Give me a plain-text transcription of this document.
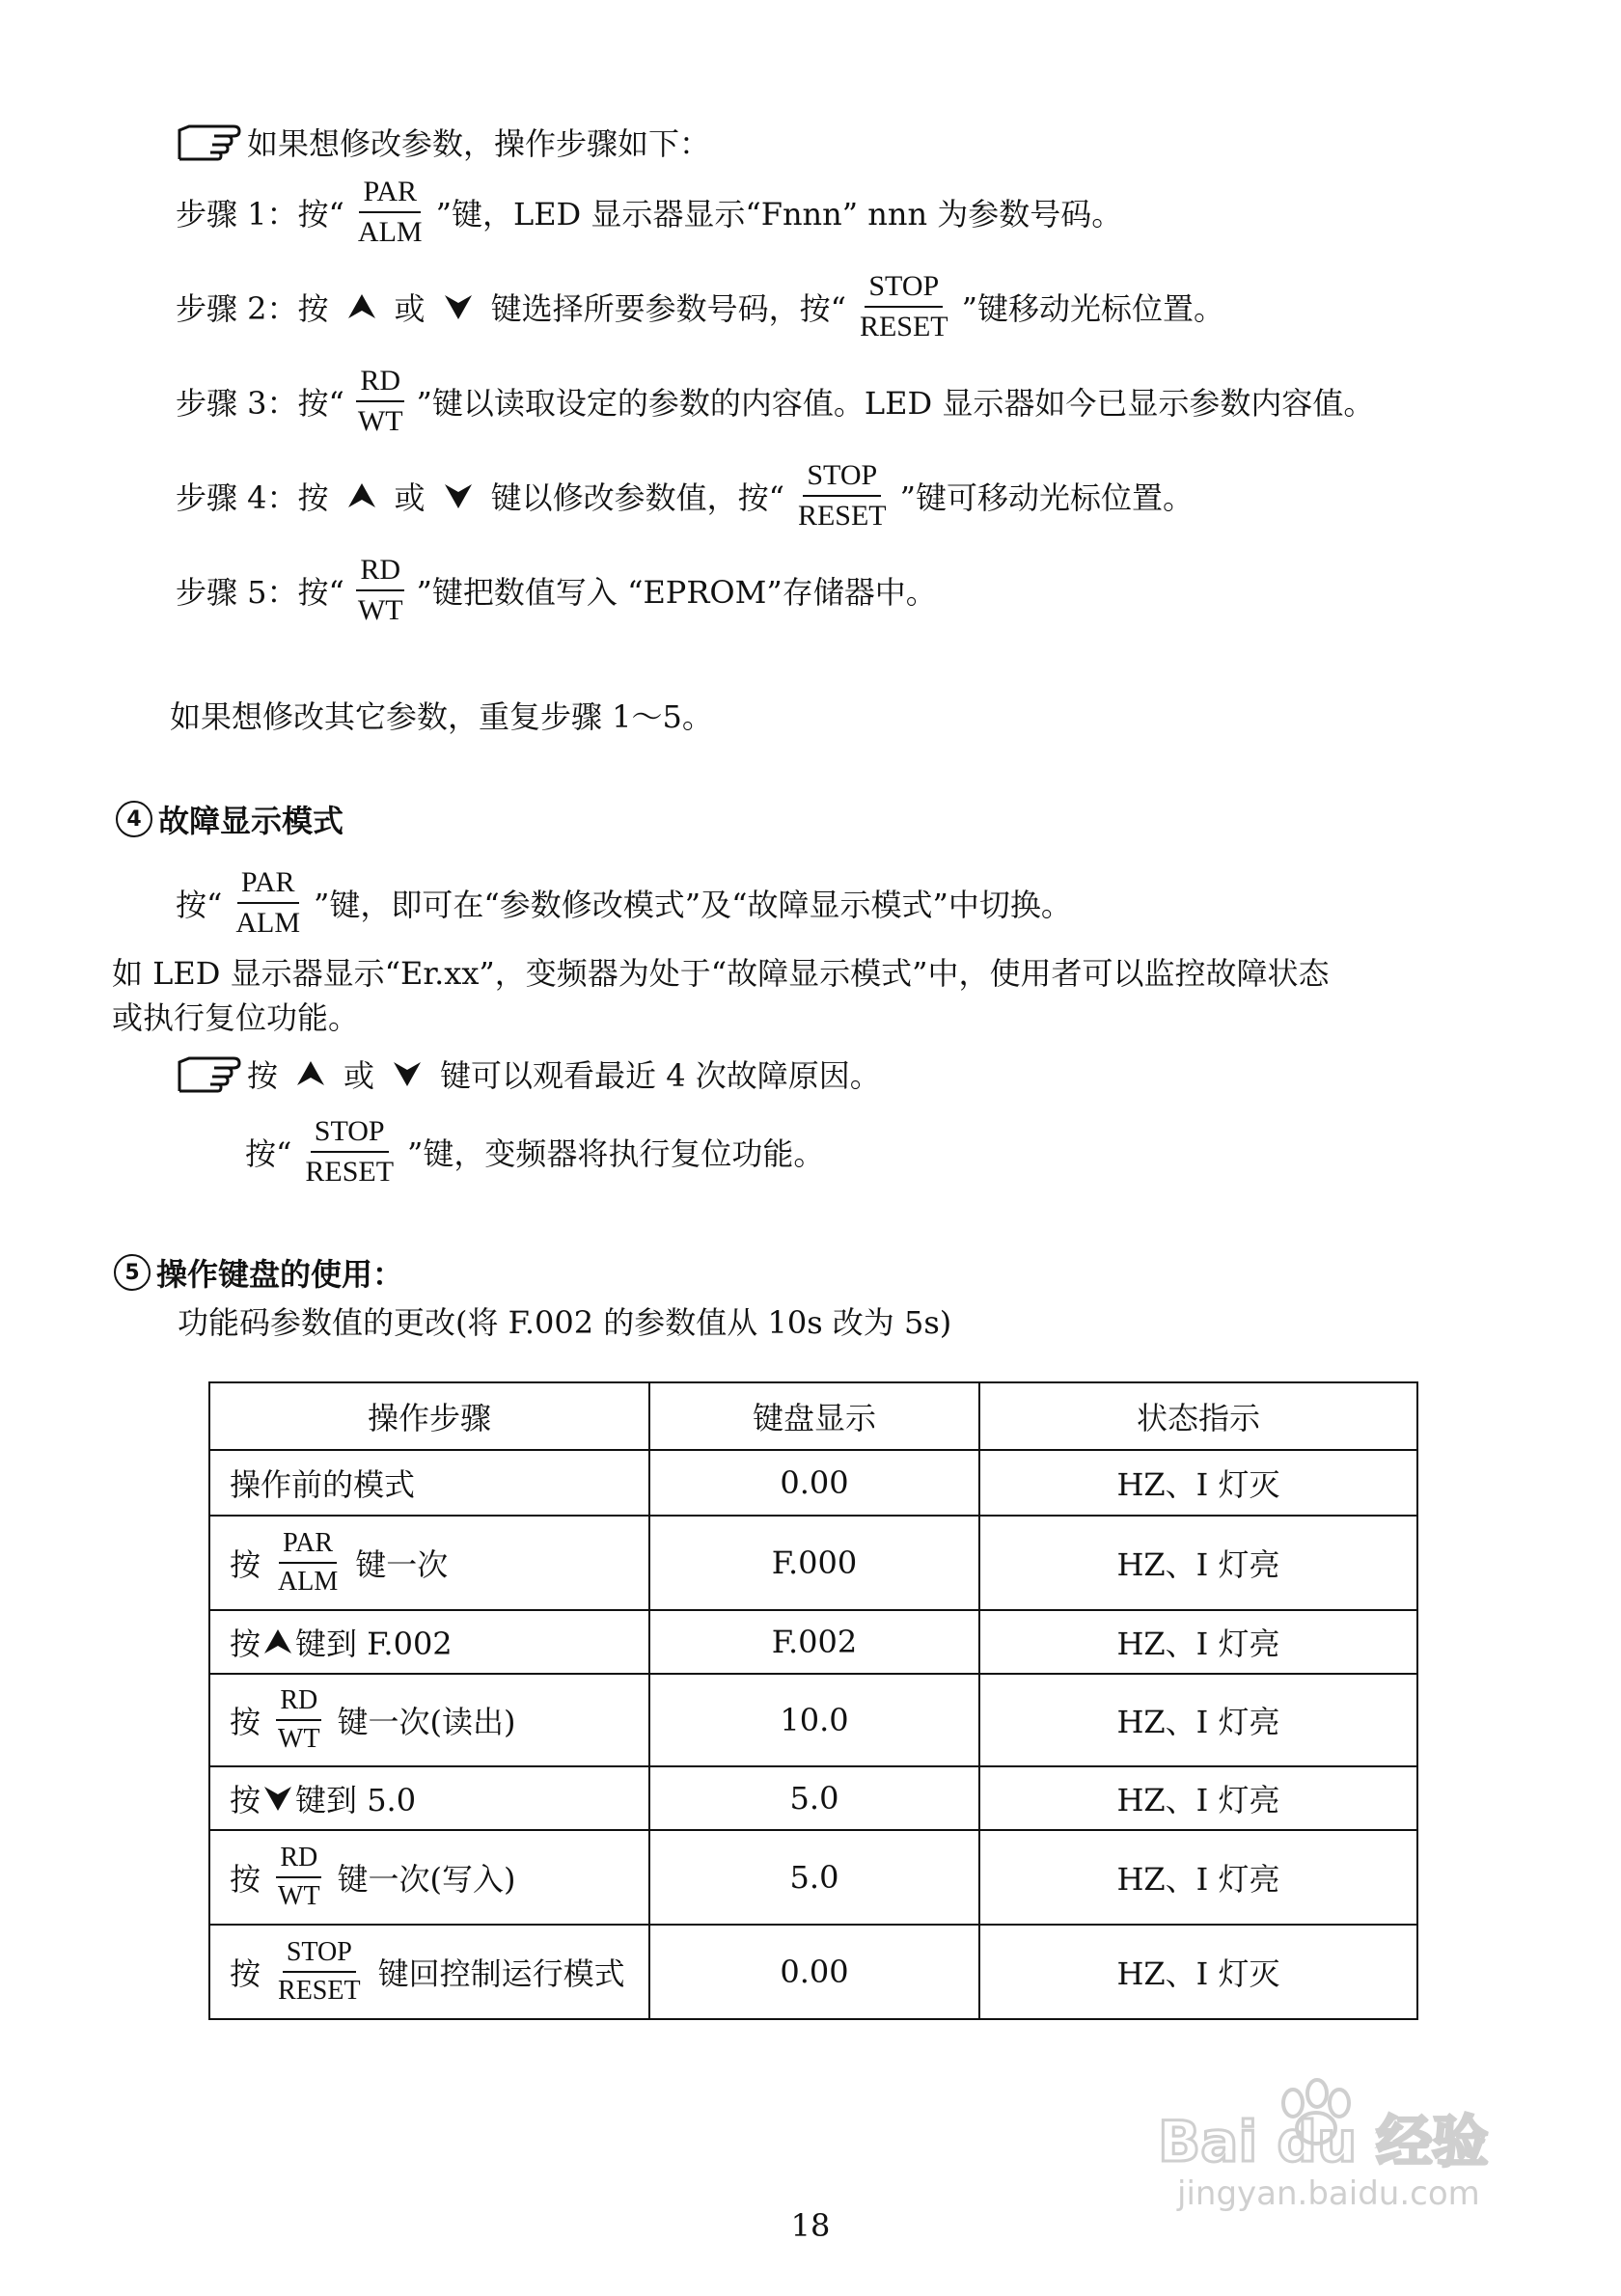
如果想修改参数，操作步骤如下：
步骤 1：按“ $\frac{\text{PAR}}{\text{ALM}}$ ”键，LED 显示器显示“Fnnn” nnn 为参数号码。
步骤 2：按 或 键选择所要参数号码，按“ $\frac{\text{STOP}}{\text{RESET}}$ ”键移动光标位置。
步骤 3：按“ $\frac{RD}{WT}$ ”键以读取设定的参数的内容值。LED 显示器如今已显示参数内容值。
步骤 4：按 或 键以修改参数值，按“ $\frac{\text{STOP}}{\text{RESET}}$ ”键可移动光标位置。
步骤 5：按“ $\frac{RD}{WT}$ ”键把数值写入 “EPROM”存储器中。
如果想修改其它参数，重复步骤 1～5。
4 故障显示模式
按“ $\frac{\text{PAR}}{\text{ALM}}$ ”键，即可在“参数修改模式”及“故障显示模式”中切换。
如 LED 显示器显示“Er.xx”，变频器为处于“故障显示模式”中，使用者可以监控故障状态
或执行复位功能。
按 或 键可以观看最近 4 次故障原因。
按“ $\frac{\text{STOP}}{\text{RESET}}$ ”键，变频器将执行复位功能。
5 操作键盘的使用：
功能码参数值的更改(将 F.002 的参数值从 10s 改为 5s)
操作步骤	键盘显示	状态指示

操作前的模式	0.00	HZ、I 灯灭

按 $\frac{\text{PAR}}{\text{ALM}}$ 键一次	F.000	HZ、I 灯亮

按 键到 F.002	F.002	HZ、I 灯亮

按 $\frac{RD}{WT}$ 键一次(读出)	10.0	HZ、I 灯亮

按 键到 5.0	5.0	HZ、I 灯亮

按 $\frac{RD}{WT}$ 键一次(写入)	5.0	HZ、I 灯亮

按 $\frac{\text{STOP}}{\text{RESET}}$ 键回控制运行模式	0.00	HZ、I 灯灭
Bai du 经验
jingyan.baidu.com
18
